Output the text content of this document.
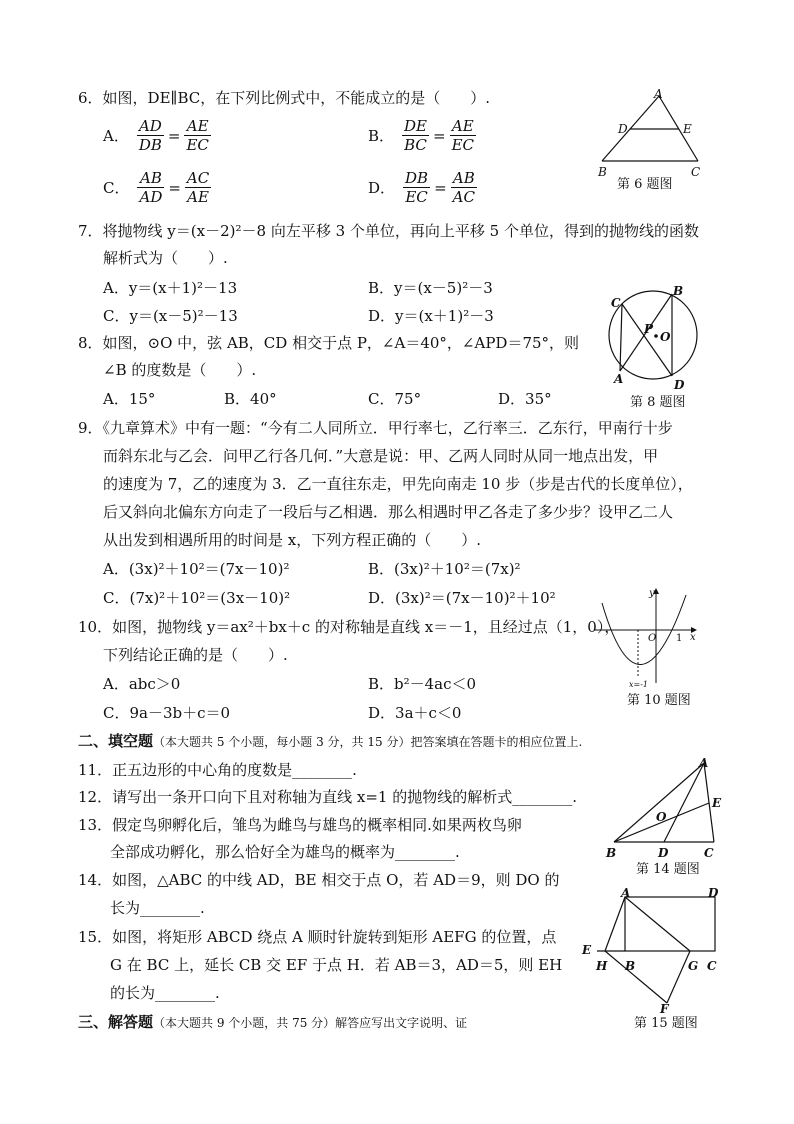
6．如图，DE∥BC，在下列比例式中，不能成立的是（　　）.
A． $\frac{AD}{DB} = \frac{AE}{EC}$	B． $\frac{DE}{BC} = \frac{AE}{EC}$
C． $\frac{AB}{AD} = \frac{AC}{AE}$	D． $\frac{DB}{EC} = \frac{AB}{AC}$
A
D	E
B	C
第 6 题图
7．将抛物线 y＝(x－2)²－8 向左平移 3 个单位，再向上平移 5 个单位，得到的抛物线的函数
解析式为（　　）.
A．y＝(x＋1)²－13	B．y＝(x－5)²－3
C．y＝(x－5)²－13	D．y＝(x＋1)²－3
8．如图，⊙O 中，弦 AB，CD 相交于点 P，∠A＝40°，∠APD＝75°，则
∠B 的度数是（　　）.
A．15°	B．40°	C．75°	D．35°
C
B
P
O
A	D
第 8 题图
9．《九章算术》中有一题：“今有二人同所立．甲行率七，乙行率三．乙东行，甲南行十步
而斜东北与乙会．问甲乙行各几何．”大意是说：甲、乙两人同时从同一地点出发，甲
的速度为 7，乙的速度为 3．乙一直往东走，甲先向南走 10 步（步是古代的长度单位），
后又斜向北偏东方向走了一段后与乙相遇．那么相遇时甲乙各走了多少步？设甲乙二人
从出发到相遇所用的时间是 x，下列方程正确的（　　）.
A．(3x)²＋10²＝(7x－10)²	B．(3x)²＋10²＝(7x)²
C．(7x)²＋10²＝(3x－10)²	D．(3x)²＝(7x－10)²＋10²
10．如图，抛物线 y＝ax²＋bx＋c 的对称轴是直线 x＝－1，且经过点（1，0），
下列结论正确的是（　　）.
A．abc＞0	B．b²－4ac＜0
C．9a－3b＋c＝0	D．3a＋c＜0
y
x
O 1
x=-1
第 10 题图
二、填空题（本大题共 5 个小题，每小题 3 分，共 15 分）把答案填在答题卡的相应位置上.
11．正五边形的中心角的度数是________.
12．请写出一条开口向下且对称轴为直线 x=1 的抛物线的解析式________.
13．假定鸟卵孵化后，雏鸟为雌鸟与雄鸟的概率相同.如果两枚鸟卵
全部成功孵化，那么恰好全为雄鸟的概率为________.
A
E
O
B	D	C
第 14 题图
14．如图，△ABC 的中线 AD，BE 相交于点 O，若 AD＝9，则 DO 的
长为________.
15．如图，将矩形 ABCD 绕点 A 顺时针旋转到矩形 AEFG 的位置，点
G 在 BC 上，延长 CB 交 EF 于点 H．若 AB＝3，AD＝5，则 EH
的长为________.
A	D
E
H B	G C
F
第 15 题图
三、解答题（本大题共 9 个小题，共 75 分）解答应写出文字说明、证
